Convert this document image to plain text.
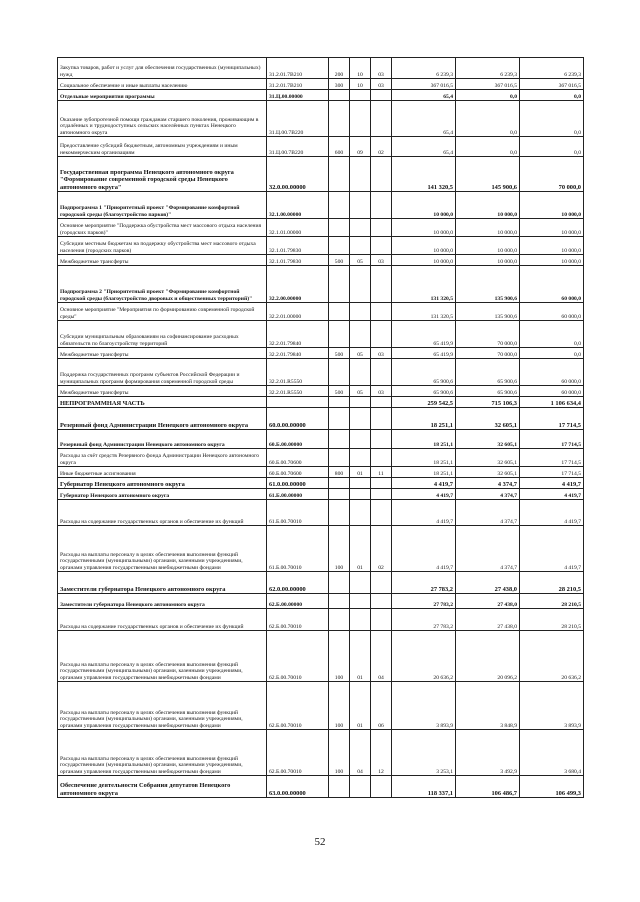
Закупка товаров, работ и услуг для обеспечения государственных (муниципальных) нужд	31.2.01.7B210	200	10	03	6 239,3	6 239,3	6 239,3
Социальное обеспечение и иные выплаты населению	31.2.01.7B210	300	10	03	367 016,5	367 016,5	367 016,5
Отдельные мероприятия программы	31.Ц.00.00000				65,4	0,0	0,0
Оказание зубопротезной помощи гражданам старшего поколения, проживающим в отдалённых и труднодоступных сельских населённых пунктах Ненецкого автономного округа	31.Ц.00.7B220				65,4	0,0	0,0
Предоставление субсидий бюджетным, автономным учреждениям и иным некоммерческим организациям	31.Ц.00.7B220	600	09	02	65,4	0,0	0,0
Государственная программа Ненецкого автономного округа "Формирование современной городской среды Ненецкого автономного округа"	32.0.00.00000				141 320,5	145 900,6	70 000,0
Подпрограмма 1 "Приоритетный проект "Формирование комфортной городской среды (благоустройство парков)"	32.1.00.00000				10 000,0	10 000,0	10 000,0
Основное мероприятие "Поддержка обустройства мест массового отдыха населения (городских парков)"	32.1.01.00000				10 000,0	10 000,0	10 000,0
Субсидии местным бюджетам на поддержку обустройства мест массового отдыха населения (городских парков)	32.1.01.79830				10 000,0	10 000,0	10 000,0
Межбюджетные трансферты	32.1.01.79830	500	05	03	10 000,0	10 000,0	10 000,0
Подпрограмма 2 "Приоритетный проект "Формирование комфортной городской среды (благоустройство дворовых и общественных территорий)"	32.2.00.00000				131 320,5	135 900,6	60 000,0
Основное мероприятие "Мероприятия по формированию современной городской среды"	32.2.01.00000				131 320,5	135 900,6	60 000,0
Субсидии муниципальным образованиям на софинансирование расходных обязательств по благоустройству территорий	32.2.01.79840				65 419,9	70 000,0	0,0
Межбюджетные трансферты	32.2.01.79840	500	05	03	65 419,9	70 000,0	0,0
Поддержка государственных программ субъектов Российской Федерации и муниципальных программ формирования современной городской среды	32.2.01.R5550				65 900,6	65 900,6	60 000,0
Межбюджетные трансферты	32.2.01.R5550	500	05	03	65 900,6	65 900,6	60 000,0
НЕПРОГРАММНАЯ ЧАСТЬ					259 542,5	715 106,3	1 106 634,4
Резервный фонд Администрации Ненецкого автономного округа	60.0.00.00000				18 251,1	32 605,1	17 714,5
Резервный фонд Администрации Ненецкого автономного округа	60.Б.00.00000				18 251,1	32 605,1	17 714,5
Расходы за счёт средств Резервного фонда Администрации Ненецкого автономного округа	60.Б.00.70600				18 251,1	32 605,1	17 714,5
Иные бюджетные ассигнования	60.Б.00.70600	800	01	11	18 251,1	32 605,1	17 714,5
Губернатор Ненецкого автономного округа	61.0.00.00000				4 419,7	4 374,7	4 419,7
Губернатор Ненецкого автономного округа	61.Б.00.00000				4 419,7	4 374,7	4 419,7
Расходы на содержание государственных органов и обеспечение их функций	61.Б.00.70010				4 419,7	4 374,7	4 419,7
Расходы на выплаты персоналу в целях обеспечения выполнения функций государственными (муниципальными) органами, казенными учреждениями, органами управления государственными внебюджетными фондами	61.Б.00.70010	100	01	02	4 419,7	4 374,7	4 419,7
Заместители губернатора Ненецкого автономного округа	62.0.00.00000				27 783,2	27 438,0	28 210,5
Заместители губернатора Ненецкого автономного округа	62.Б.00.00000				27 783,2	27 438,0	28 210,5
Расходы на содержание государственных органов и обеспечение их функций	62.Б.00.70010				27 783,2	27 438,0	28 210,5
Расходы на выплаты персоналу в целях обеспечения выполнения функций государственными (муниципальными) органами, казенными учреждениями, органами управления государственными внебюджетными фондами	62.Б.00.70010	100	01	04	20 636,2	20 096,2	20 636,2
Расходы на выплаты персоналу в целях обеспечения выполнения функций государственными (муниципальными) органами, казенными учреждениями, органами управления государственными внебюджетными фондами	62.Б.00.70010	100	01	06	3 893,9	3 848,9	3 893,9
Расходы на выплаты персоналу в целях обеспечения выполнения функций государственными (муниципальными) органами, казенными учреждениями, органами управления государственными внебюджетными фондами	62.Б.00.70010	100	04	12	3 253,1	3 492,9	3 680,4
Обеспечение деятельности Собрания депутатов Ненецкого автономного округа	63.0.00.00000				118 337,1	106 486,7	106 499,3
52
